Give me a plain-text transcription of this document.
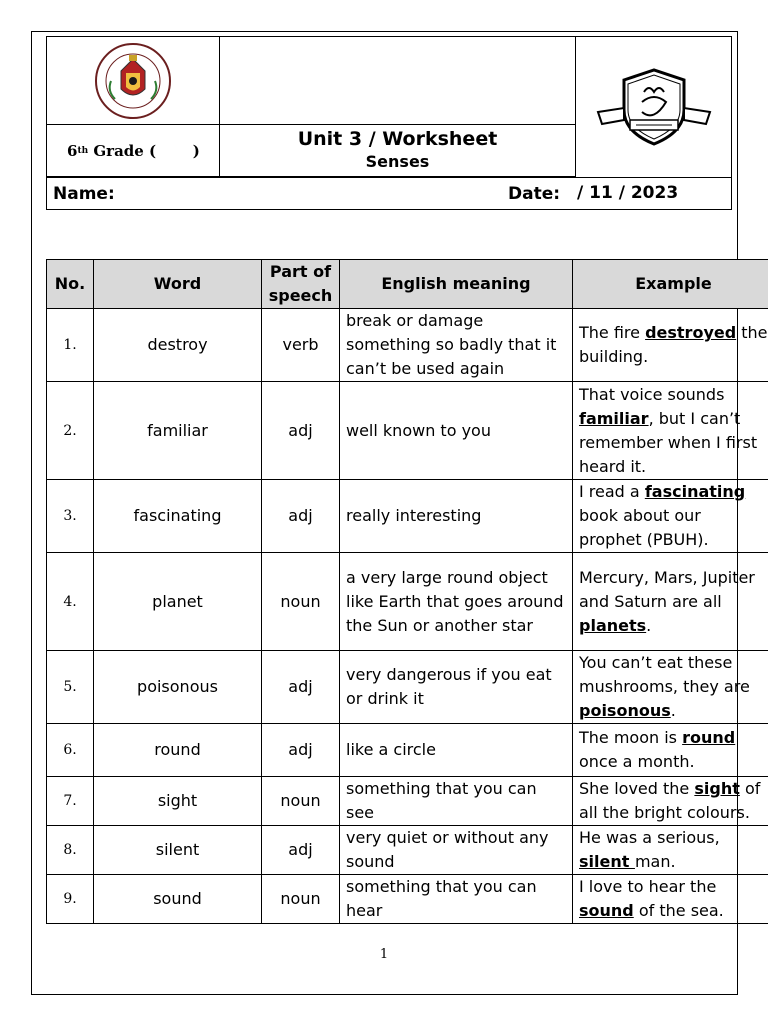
6 th Grade (       )
Unit 3 / Worksheet
Senses
Name:	Date: / 11 / 2023
No.	Word	Part of speech	English meaning	Example
1.	destroy	verb	break or damage something so badly that it can’t be used again	The fire destroyed the building.
2.	familiar	adj	well known to you	That voice sounds familiar, but I can’t remember when I first heard it.
3.	fascinating	adj	really interesting	I read a fascinating book about our prophet (PBUH).
4.	planet	noun	a very large round object like Earth that goes around the Sun or another star	Mercury, Mars, Jupiter and Saturn are all planets.
5.	poisonous	adj	very dangerous if you eat or drink it	You can’t eat these mushrooms, they are poisonous.
6.	round	adj	like a circle	The moon is round once a month.
7.	sight	noun	something that you can see	She loved the sight of all the bright colours.
8.	silent	adj	very quiet or without any sound	He was a serious, silent man.
9.	sound	noun	something that you can hear	I love to hear the sound of the sea.
1
